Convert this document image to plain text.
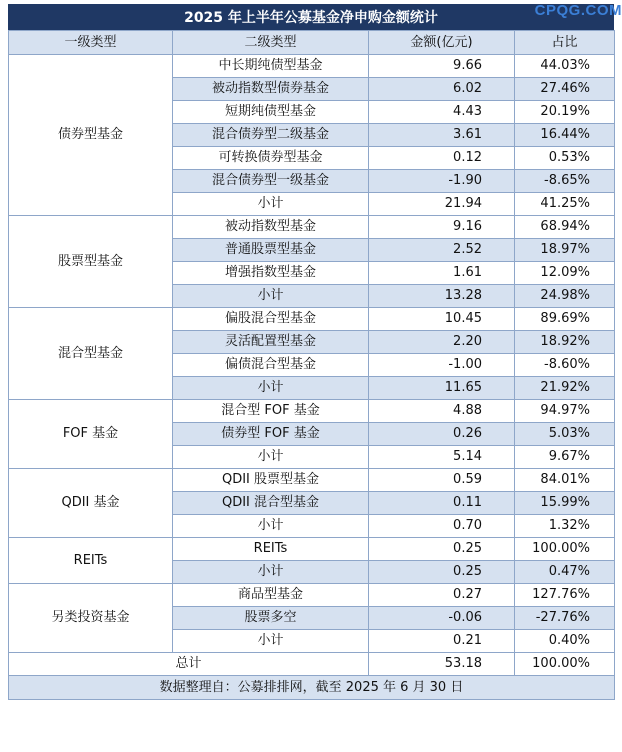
2025 年上半年公募基金净申购金额统计
一级类型	二级类型	金额(亿元)	占比
债券型基金	中长期纯债型基金	9.66	44.03%
	被动指数型债券基金	6.02	27.46%
	短期纯债型基金	4.43	20.19%
	混合债券型二级基金	3.61	16.44%
	可转换债券型基金	0.12	0.53%
	混合债券型一级基金	-1.90	-8.65%
	小计	21.94	41.25%
股票型基金	被动指数型基金	9.16	68.94%
	普通股票型基金	2.52	18.97%
	增强指数型基金	1.61	12.09%
	小计	13.28	24.98%
混合型基金	偏股混合型基金	10.45	89.69%
	灵活配置型基金	2.20	18.92%
	偏债混合型基金	-1.00	-8.60%
	小计	11.65	21.92%
FOF 基金	混合型 FOF 基金	4.88	94.97%
	债券型 FOF 基金	0.26	5.03%
	小计	5.14	9.67%
QDII 基金	QDII 股票型基金	0.59	84.01%
	QDII 混合型基金	0.11	15.99%
	小计	0.70	1.32%
REITs	REITs	0.25	100.00%
	小计	0.25	0.47%
另类投资基金	商品型基金	0.27	127.76%
	股票多空	-0.06	-27.76%
	小计	0.21	0.40%
总计		53.18	100.00%
数据整理自：公募排排网，截至 2025 年 6 月 30 日			
CPQG.COM
